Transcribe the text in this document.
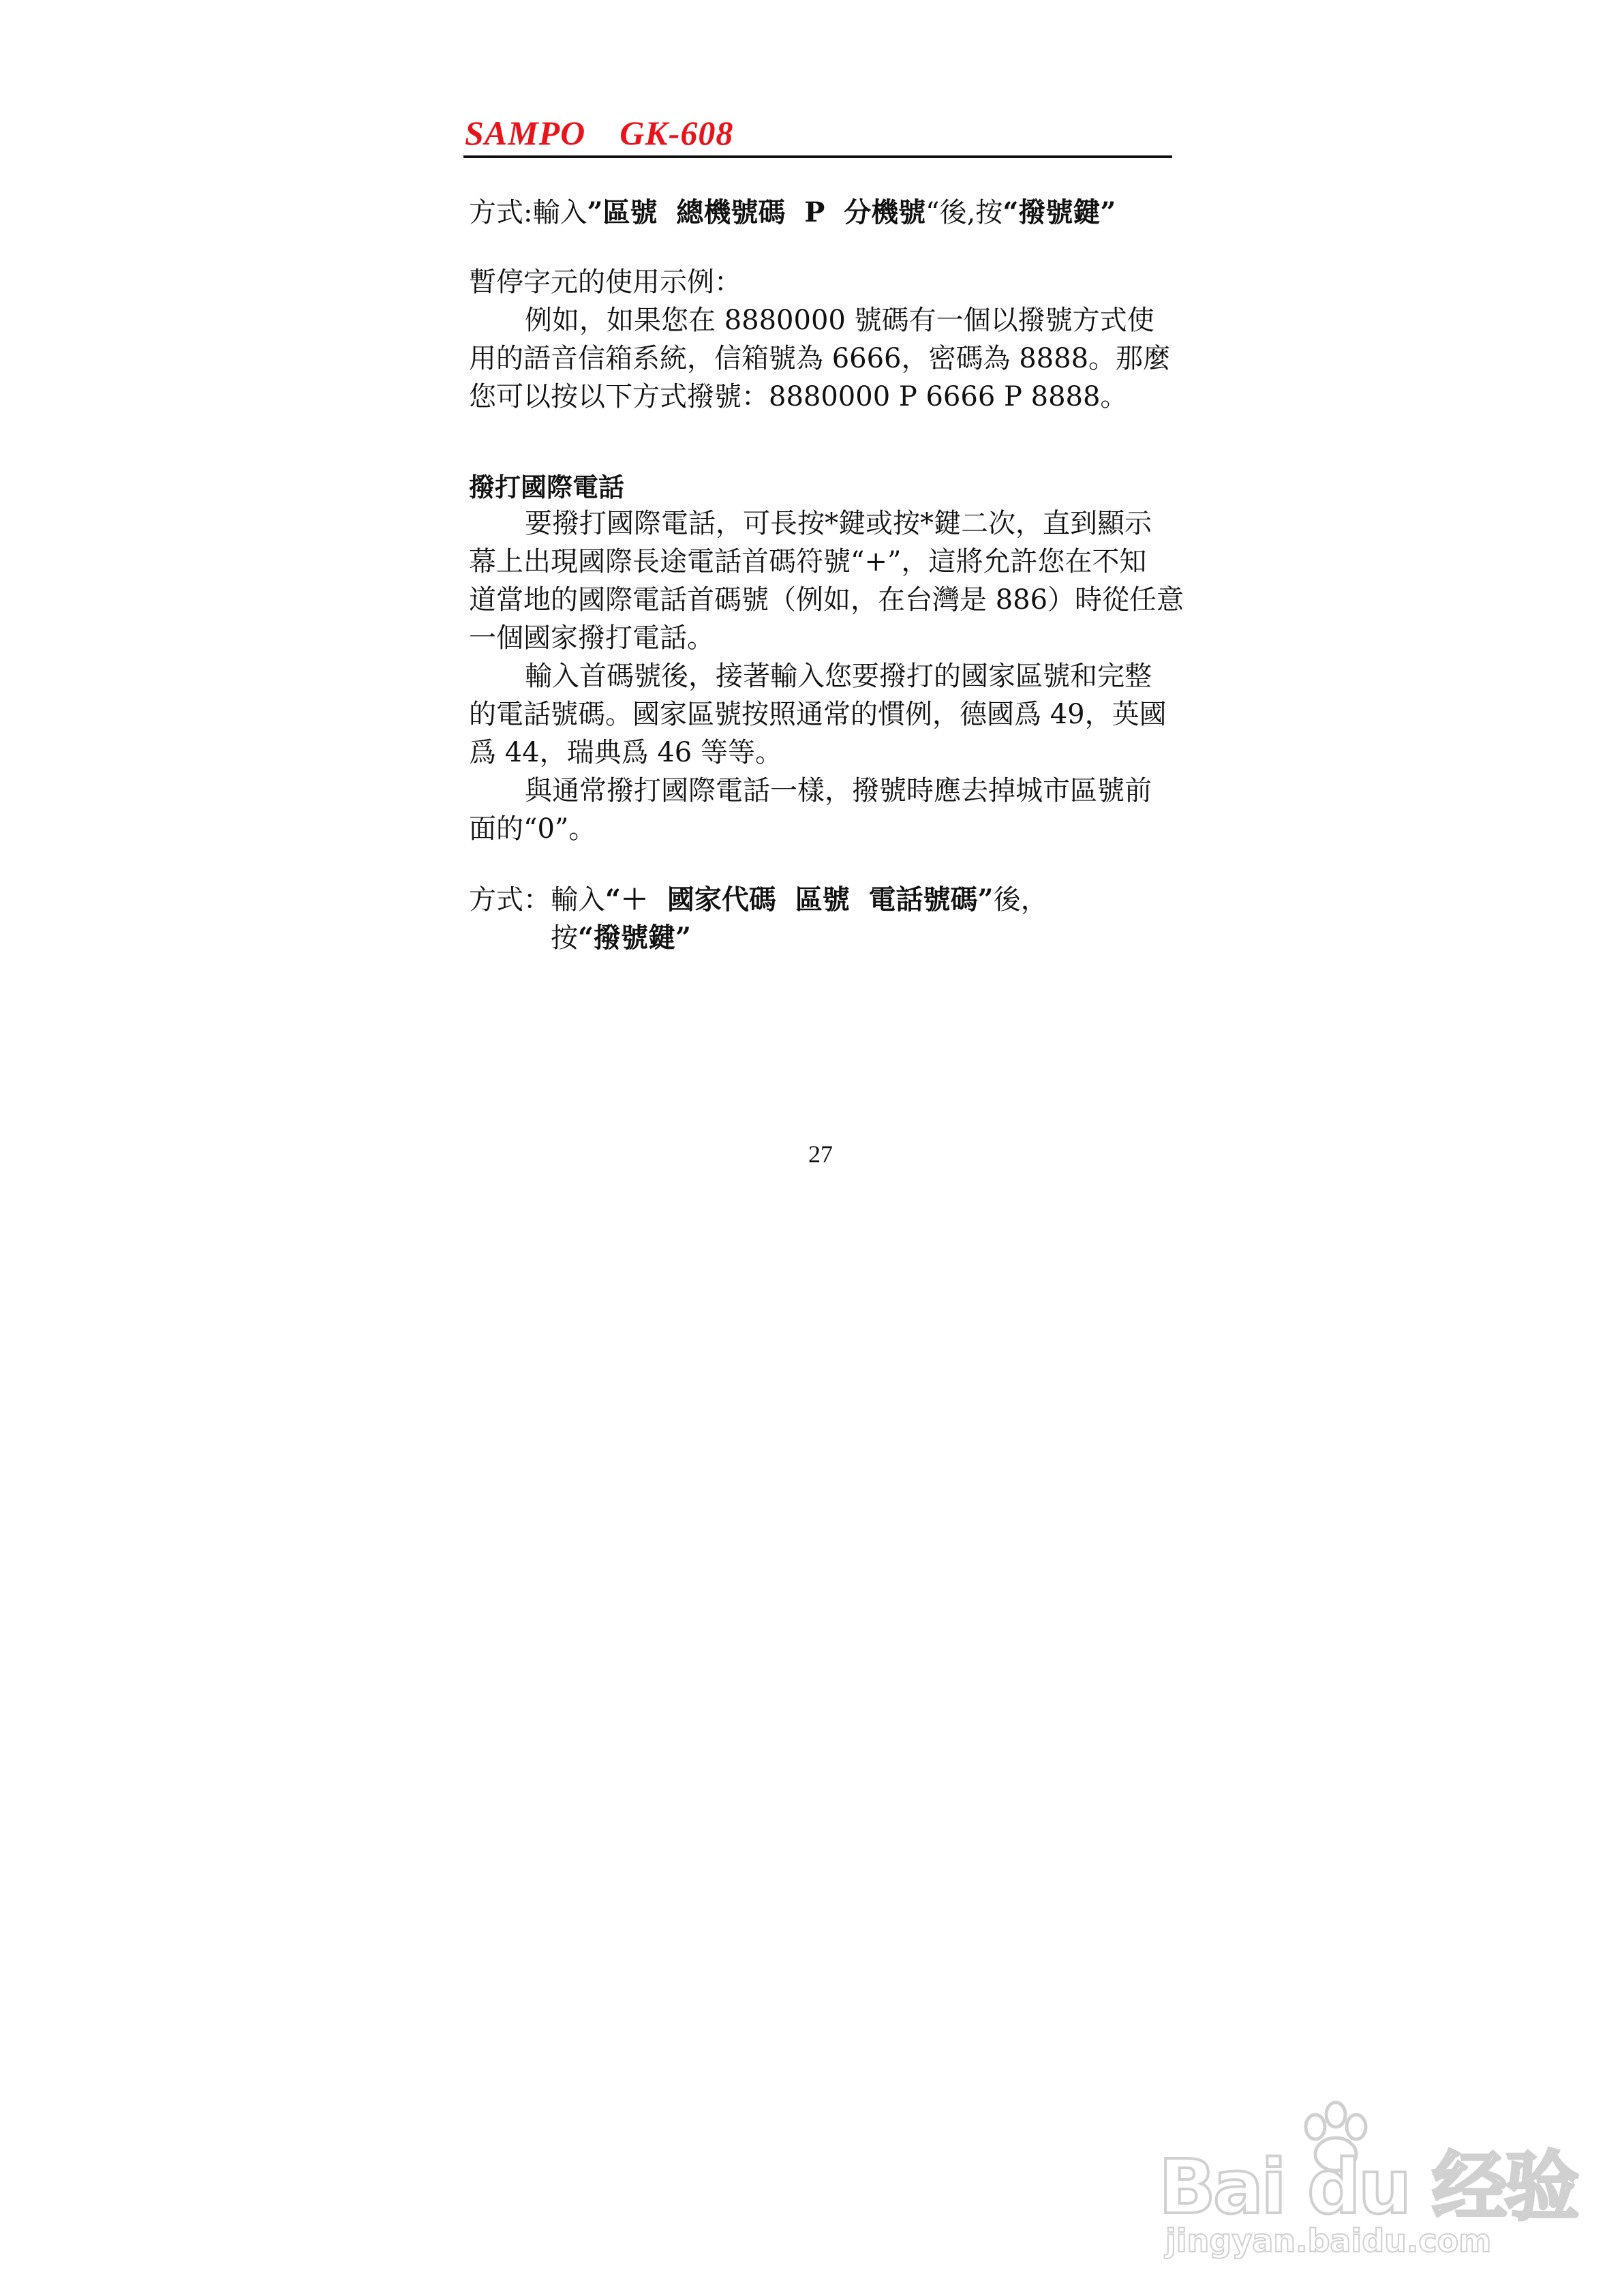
SAMPO GK-608
方式:輸入”區號  總機號碼  P  分機號“後,按“撥號鍵”
暫停字元的使用示例：
例如，如果您在 8880000 號碼有一個以撥號方式使
用的語音信箱系統，信箱號為 6666，密碼為 8888。那麼
您可以按以下方式撥號：8880000 P 6666 P 8888。
撥打國際電話
要撥打國際電話，可長按*鍵或按*鍵二次，直到顯示
幕上出現國際長途電話首碼符號“+”，這將允許您在不知
道當地的國際電話首碼號（例如，在台灣是 886）時從任意
一個國家撥打電話。
輸入首碼號後，接著輸入您要撥打的國家區號和完整
的電話號碼。國家區號按照通常的慣例，德國爲 49，英國
爲 44，瑞典爲 46 等等。
與通常撥打國際電話一樣，撥號時應去掉城市區號前
面的“0”。
方式：輸入“＋  國家代碼  區號  電話號碼”後，
按“撥號鍵”
27
Bai du 经验
jingyan.baidu.com
